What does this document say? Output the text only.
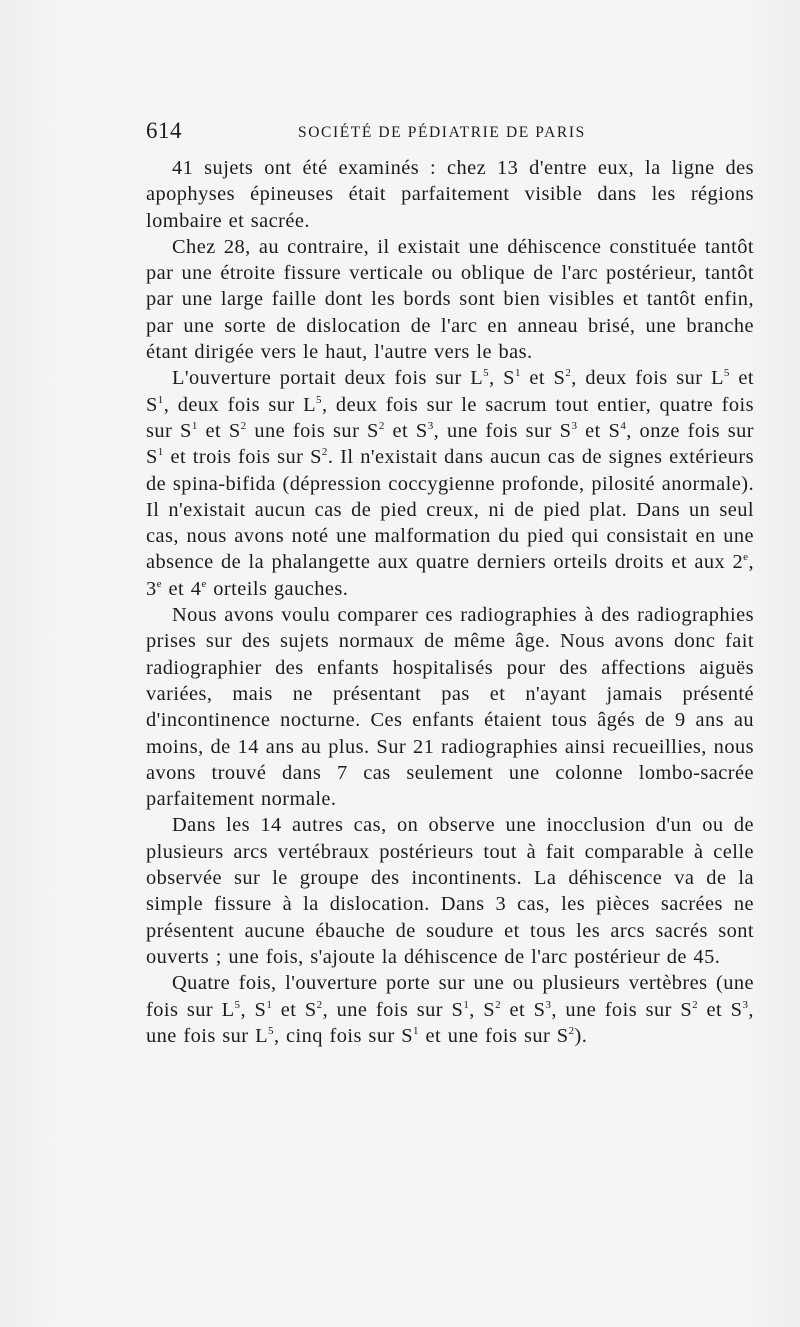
614	SOCIÉTÉ DE PÉDIATRIE DE PARIS

41 sujets ont été examinés : chez 13 d'entre eux, la ligne des apophyses épineuses était parfaitement visible dans les régions lombaire et sacrée.

Chez 28, au contraire, il existait une déhiscence constituée tantôt par une étroite fissure verticale ou oblique de l'arc postérieur, tantôt par une large faille dont les bords sont bien visibles et tantôt enfin, par une sorte de dislocation de l'arc en anneau brisé, une branche étant dirigée vers le haut, l'autre vers le bas.

L'ouverture portait deux fois sur $L^5$, $S^1$ et $S^2$, deux fois sur $L^5$ et $S^1$, deux fois sur $L^5$, deux fois sur le sacrum tout entier, quatre fois sur $S^1$ et $S^2$ une fois sur $S^2$ et $S^3$, une fois sur $S^3$ et $S^4$, onze fois sur $S^1$ et trois fois sur $S^2$. Il n'existait dans aucun cas de signes extérieurs de spina-bifida (dépression coccygienne profonde, pilosité anormale). Il n'existait aucun cas de pied creux, ni de pied plat. Dans un seul cas, nous avons noté une malformation du pied qui consistait en une absence de la phalangette aux quatre derniers orteils droits et aux 2e, 3e et 4e orteils gauches.

Nous avons voulu comparer ces radiographies à des radiographies prises sur des sujets normaux de même âge. Nous avons donc fait radiographier des enfants hospitalisés pour des affections aiguës variées, mais ne présentant pas et n'ayant jamais présenté d'incontinence nocturne. Ces enfants étaient tous âgés de 9 ans au moins, de 14 ans au plus. Sur 21 radiographies ainsi recueillies, nous avons trouvé dans 7 cas seulement une colonne lombo-sacrée parfaitement normale.

Dans les 14 autres cas, on observe une inocclusion d'un ou de plusieurs arcs vertébraux postérieurs tout à fait comparable à celle observée sur le groupe des incontinents. La déhiscence va de la simple fissure à la dislocation. Dans 3 cas, les pièces sacrées ne présentent aucune ébauche de soudure et tous les arcs sacrés sont ouverts ; une fois, s'ajoute la déhiscence de l'arc postérieur de 45.

Quatre fois, l'ouverture porte sur une ou plusieurs vertèbres (une fois sur $L^5$, $S^1$ et $S^2$, une fois sur $S^1$, $S^2$ et $S^3$, une fois sur $S^2$ et $S^3$, une fois sur $L^5$, cinq fois sur $S^1$ et une fois sur $S^2$).
